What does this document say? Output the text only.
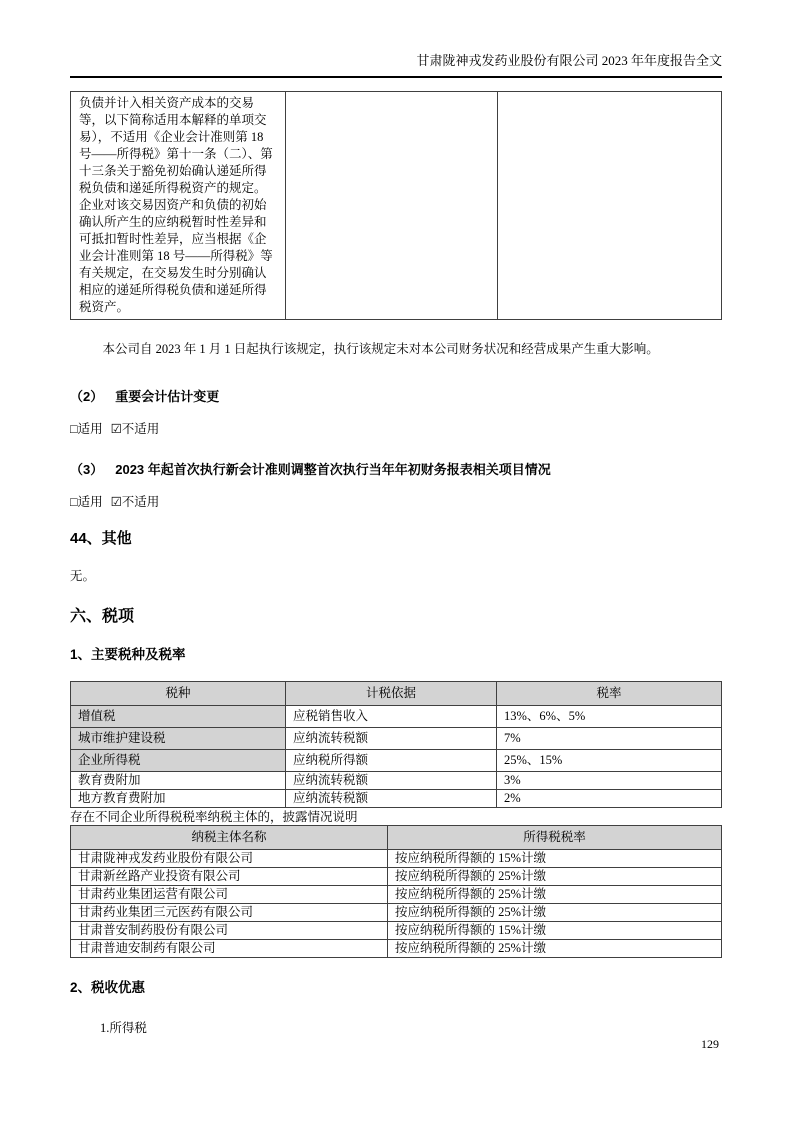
甘肃陇神戎发药业股份有限公司 2023 年年度报告全文
负债并计入相关资产成本的交易等，以下简称适用本解释的单项交易），不适用《企业会计准则第 18 号——所得税》第十一条（二）、第十三条关于豁免初始确认递延所得税负债和递延所得税资产的规定。企业对该交易因资产和负债的初始确认所产生的应纳税暂时性差异和可抵扣暂时性差异，应当根据《企业会计准则第 18 号——所得税》等有关规定，在交易发生时分别确认相应的递延所得税负债和递延所得税资产。		
本公司自 2023 年 1 月 1 日起执行该规定，执行该规定未对本公司财务状况和经营成果产生重大影响。
（2） 重要会计估计变更
□适用 ☑不适用
（3） 2023 年起首次执行新会计准则调整首次执行当年年初财务报表相关项目情况
□适用 ☑不适用
44、其他
无。
六、税项
1、主要税种及税率
税种	计税依据	税率
增值税	应税销售收入	13%、6%、5%
城市维护建设税	应纳流转税额	7%
企业所得税	应纳税所得额	25%、15%
教育费附加	应纳流转税额	3%
地方教育费附加	应纳流转税额	2%
存在不同企业所得税税率纳税主体的，披露情况说明
纳税主体名称	所得税税率
甘肃陇神戎发药业股份有限公司	按应纳税所得额的 15%计缴
甘肃新丝路产业投资有限公司	按应纳税所得额的 25%计缴
甘肃药业集团运营有限公司	按应纳税所得额的 25%计缴
甘肃药业集团三元医药有限公司	按应纳税所得额的 25%计缴
甘肃普安制药股份有限公司	按应纳税所得额的 15%计缴
甘肃普迪安制药有限公司	按应纳税所得额的 25%计缴
2、税收优惠
1.所得税
129
